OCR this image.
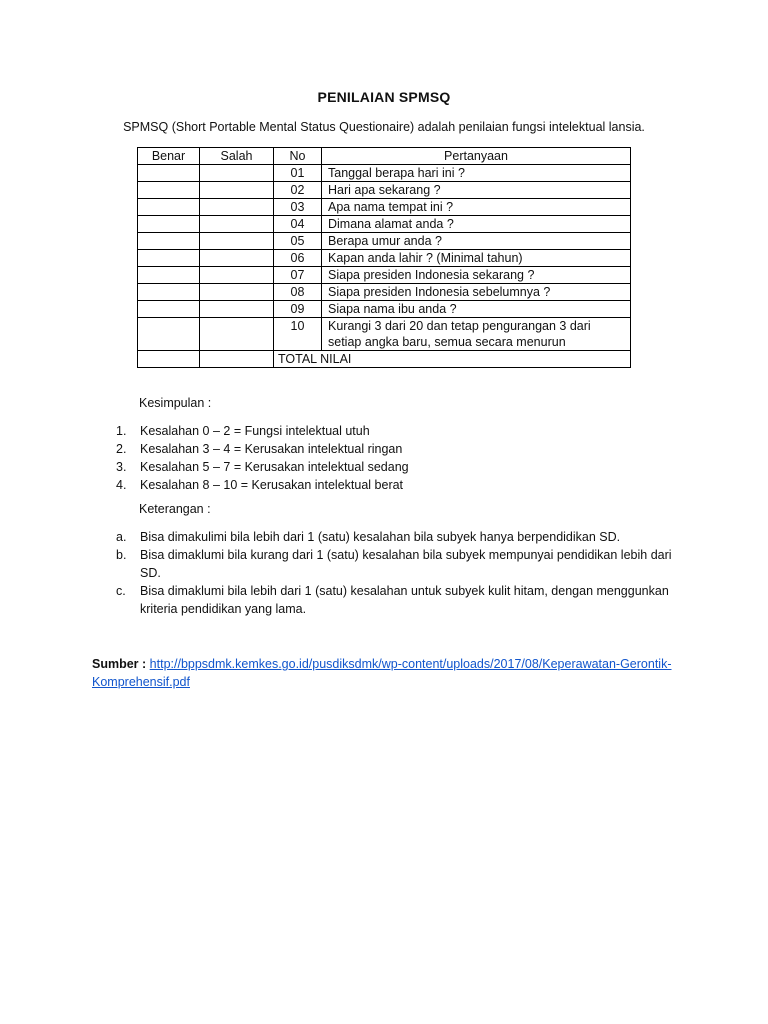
PENILAIAN SPMSQ
SPMSQ (Short Portable Mental Status Questionaire) adalah penilaian fungsi intelektual lansia.
Benar	Salah	No	Pertanyaan
		01	Tanggal berapa hari ini ?
		02	Hari apa sekarang ?
		03	Apa nama tempat ini ?
		04	Dimana alamat anda ?
		05	Berapa umur anda ?
		06	Kapan anda lahir ? (Minimal tahun)
		07	Siapa presiden Indonesia sekarang ?
		08	Siapa presiden Indonesia sebelumnya ?
		09	Siapa nama ibu anda ?
		10	Kurangi 3 dari 20 dan tetap pengurangan 3 dari setiap angka baru, semua secara menurun
		TOTAL NILAI	
Kesimpulan :
1.	Kesalahan 0 – 2 = Fungsi intelektual utuh
2.	Kesalahan 3 – 4 = Kerusakan intelektual ringan
3.	Kesalahan 5 – 7 = Kerusakan intelektual sedang
4.	Kesalahan 8 – 10 = Kerusakan intelektual berat
Keterangan :
a.	Bisa dimakulimi bila lebih dari 1 (satu) kesalahan bila subyek hanya berpendidikan SD.
b.	Bisa dimaklumi bila kurang dari 1 (satu) kesalahan bila subyek mempunyai pendidikan lebih dari SD.
c.	Bisa dimaklumi bila lebih dari 1 (satu) kesalahan untuk subyek kulit hitam, dengan menggunkan kriteria pendidikan yang lama.
Sumber : http://bppsdmk.kemkes.go.id/pusdiksdmk/wp-content/uploads/2017/08/Keperawatan-Gerontik-Komprehensif.pdf
